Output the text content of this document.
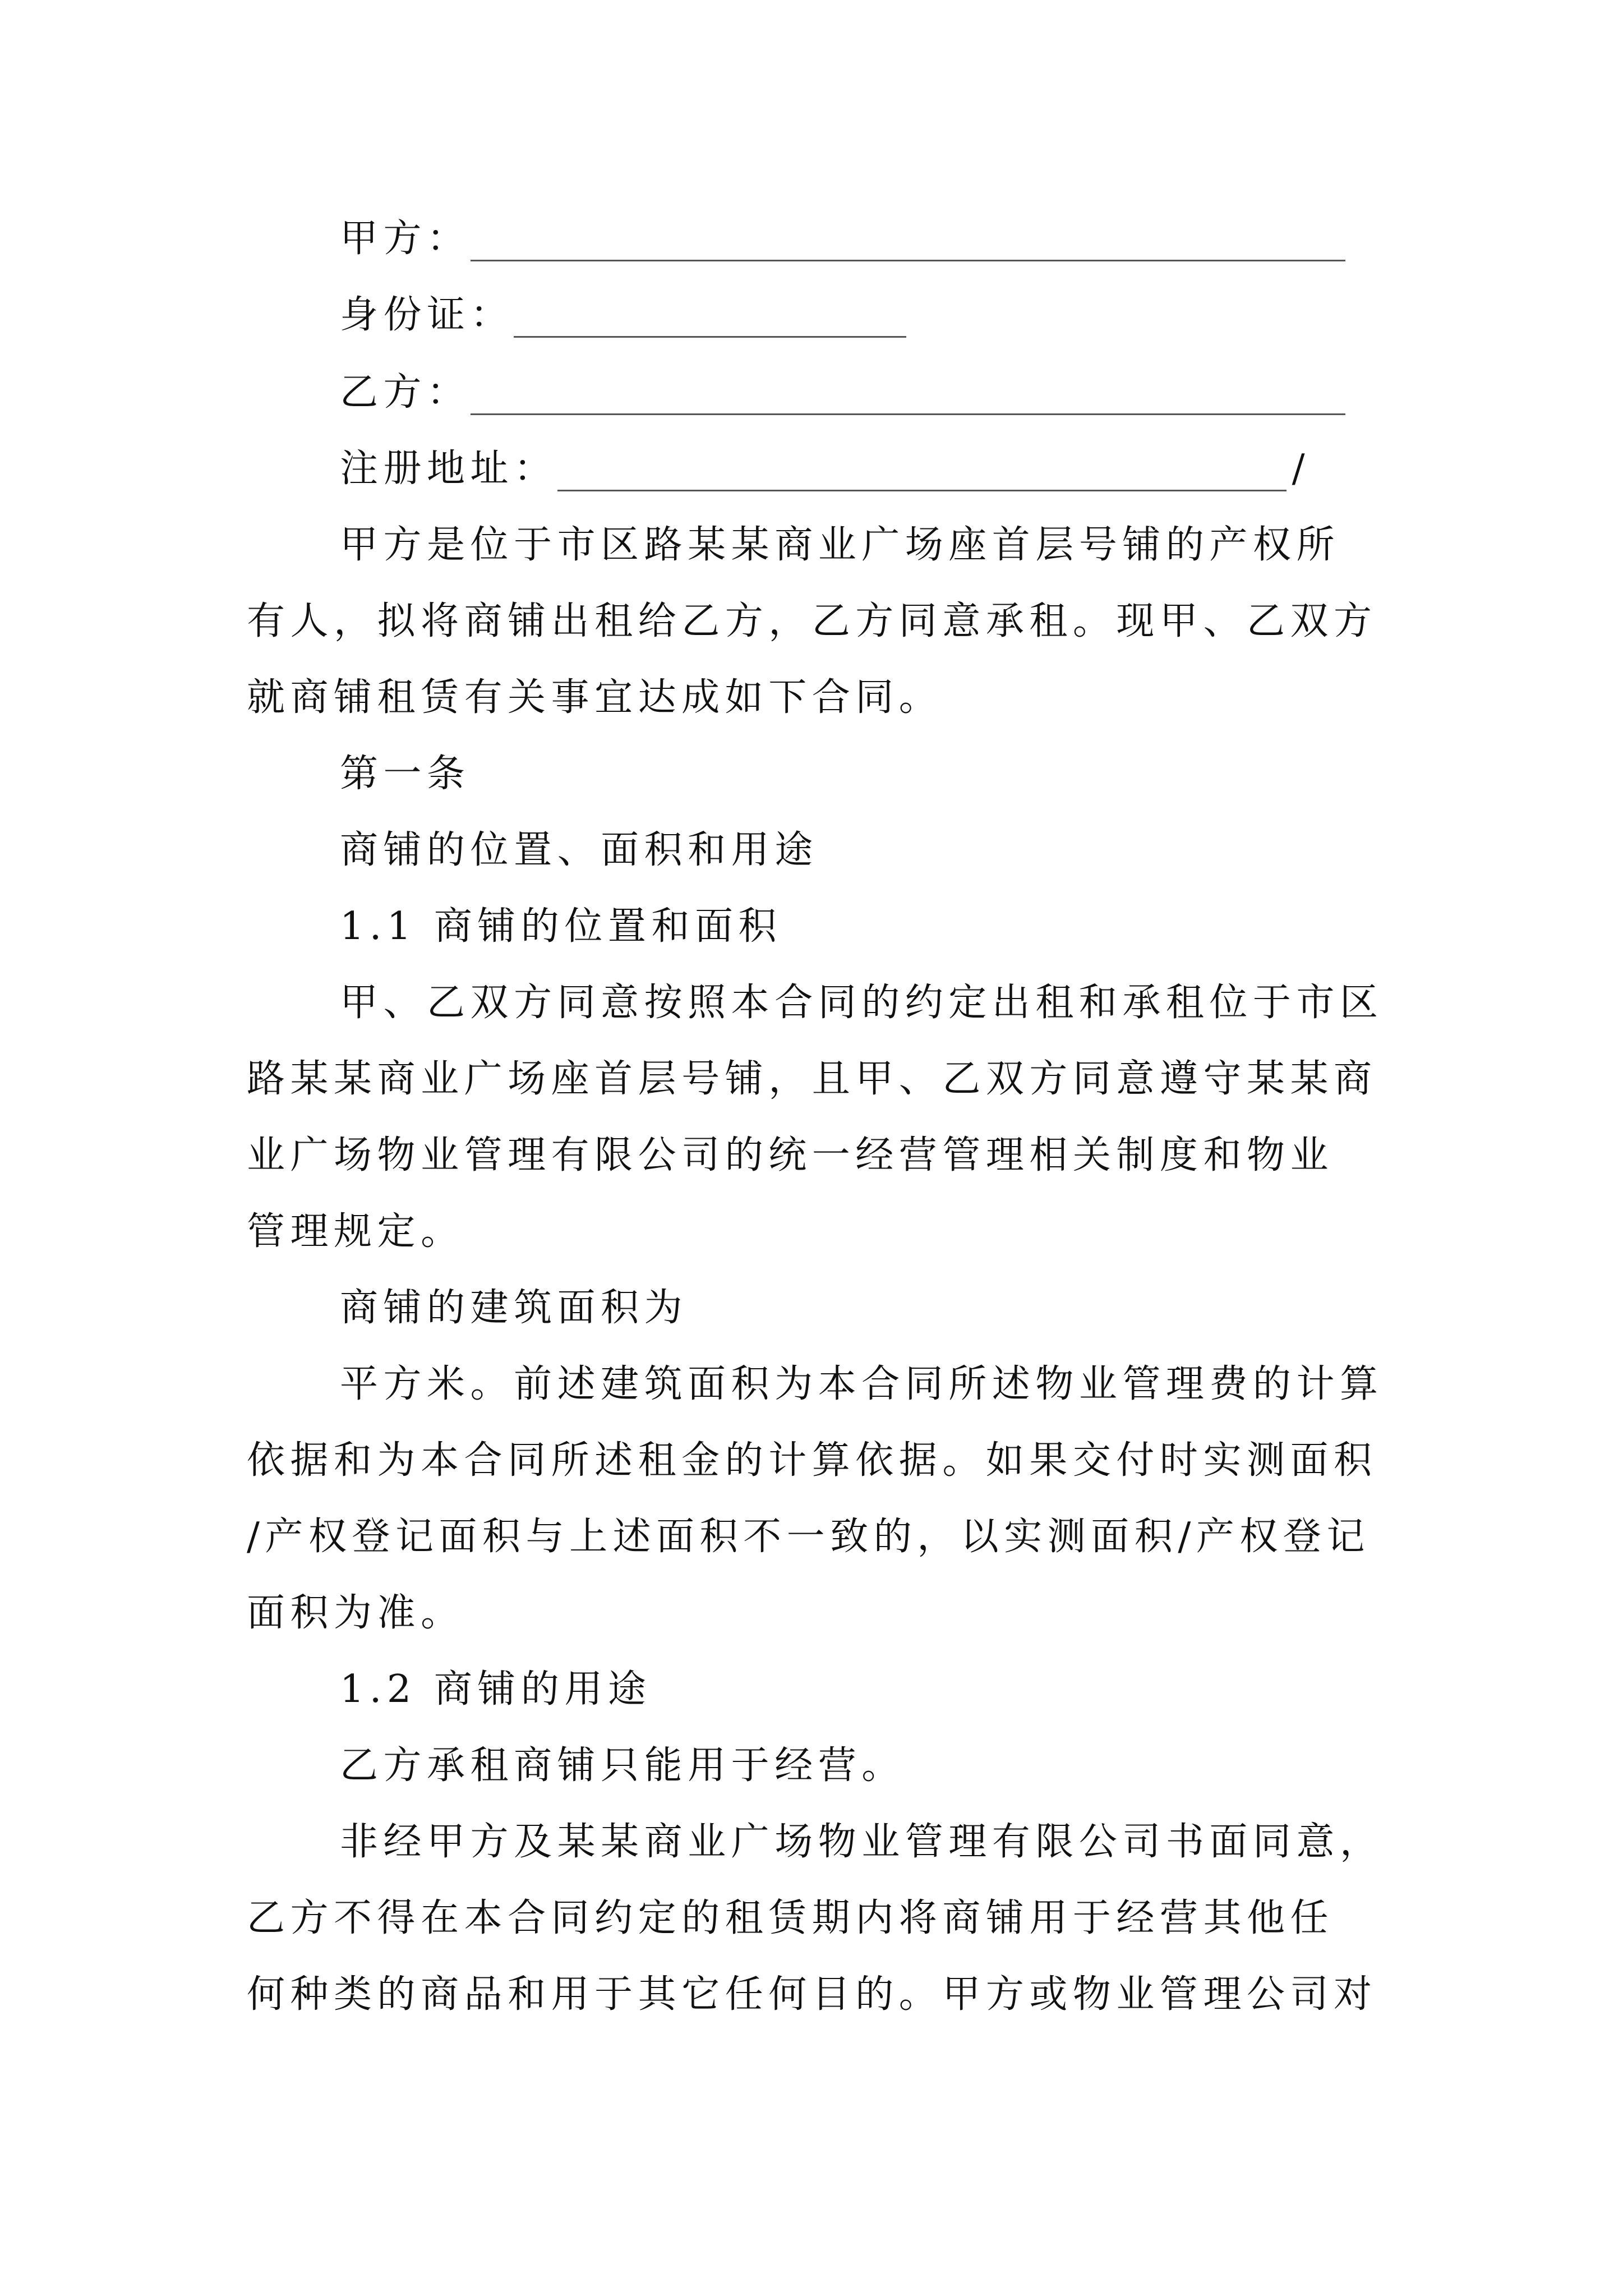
甲方：
身份证：
乙方：
注册地址：	/
甲方是位于市区路某某商业广场座首层号铺的产权所
有人，拟将商铺出租给乙方，乙方同意承租。现甲、乙双方
就商铺租赁有关事宜达成如下合同。
第一条
商铺的位置、面积和用途
1.1 商铺的位置和面积
甲、乙双方同意按照本合同的约定出租和承租位于市区
路某某商业广场座首层号铺，且甲、乙双方同意遵守某某商
业广场物业管理有限公司的统一经营管理相关制度和物业
管理规定。
商铺的建筑面积为
平方米。前述建筑面积为本合同所述物业管理费的计算
依据和为本合同所述租金的计算依据。如果交付时实测面积
/产权登记面积与上述面积不一致的，以实测面积/产权登记
面积为准。
1.2 商铺的用途
乙方承租商铺只能用于经营。
非经甲方及某某商业广场物业管理有限公司书面同意，
乙方不得在本合同约定的租赁期内将商铺用于经营其他任
何种类的商品和用于其它任何目的。甲方或物业管理公司对
